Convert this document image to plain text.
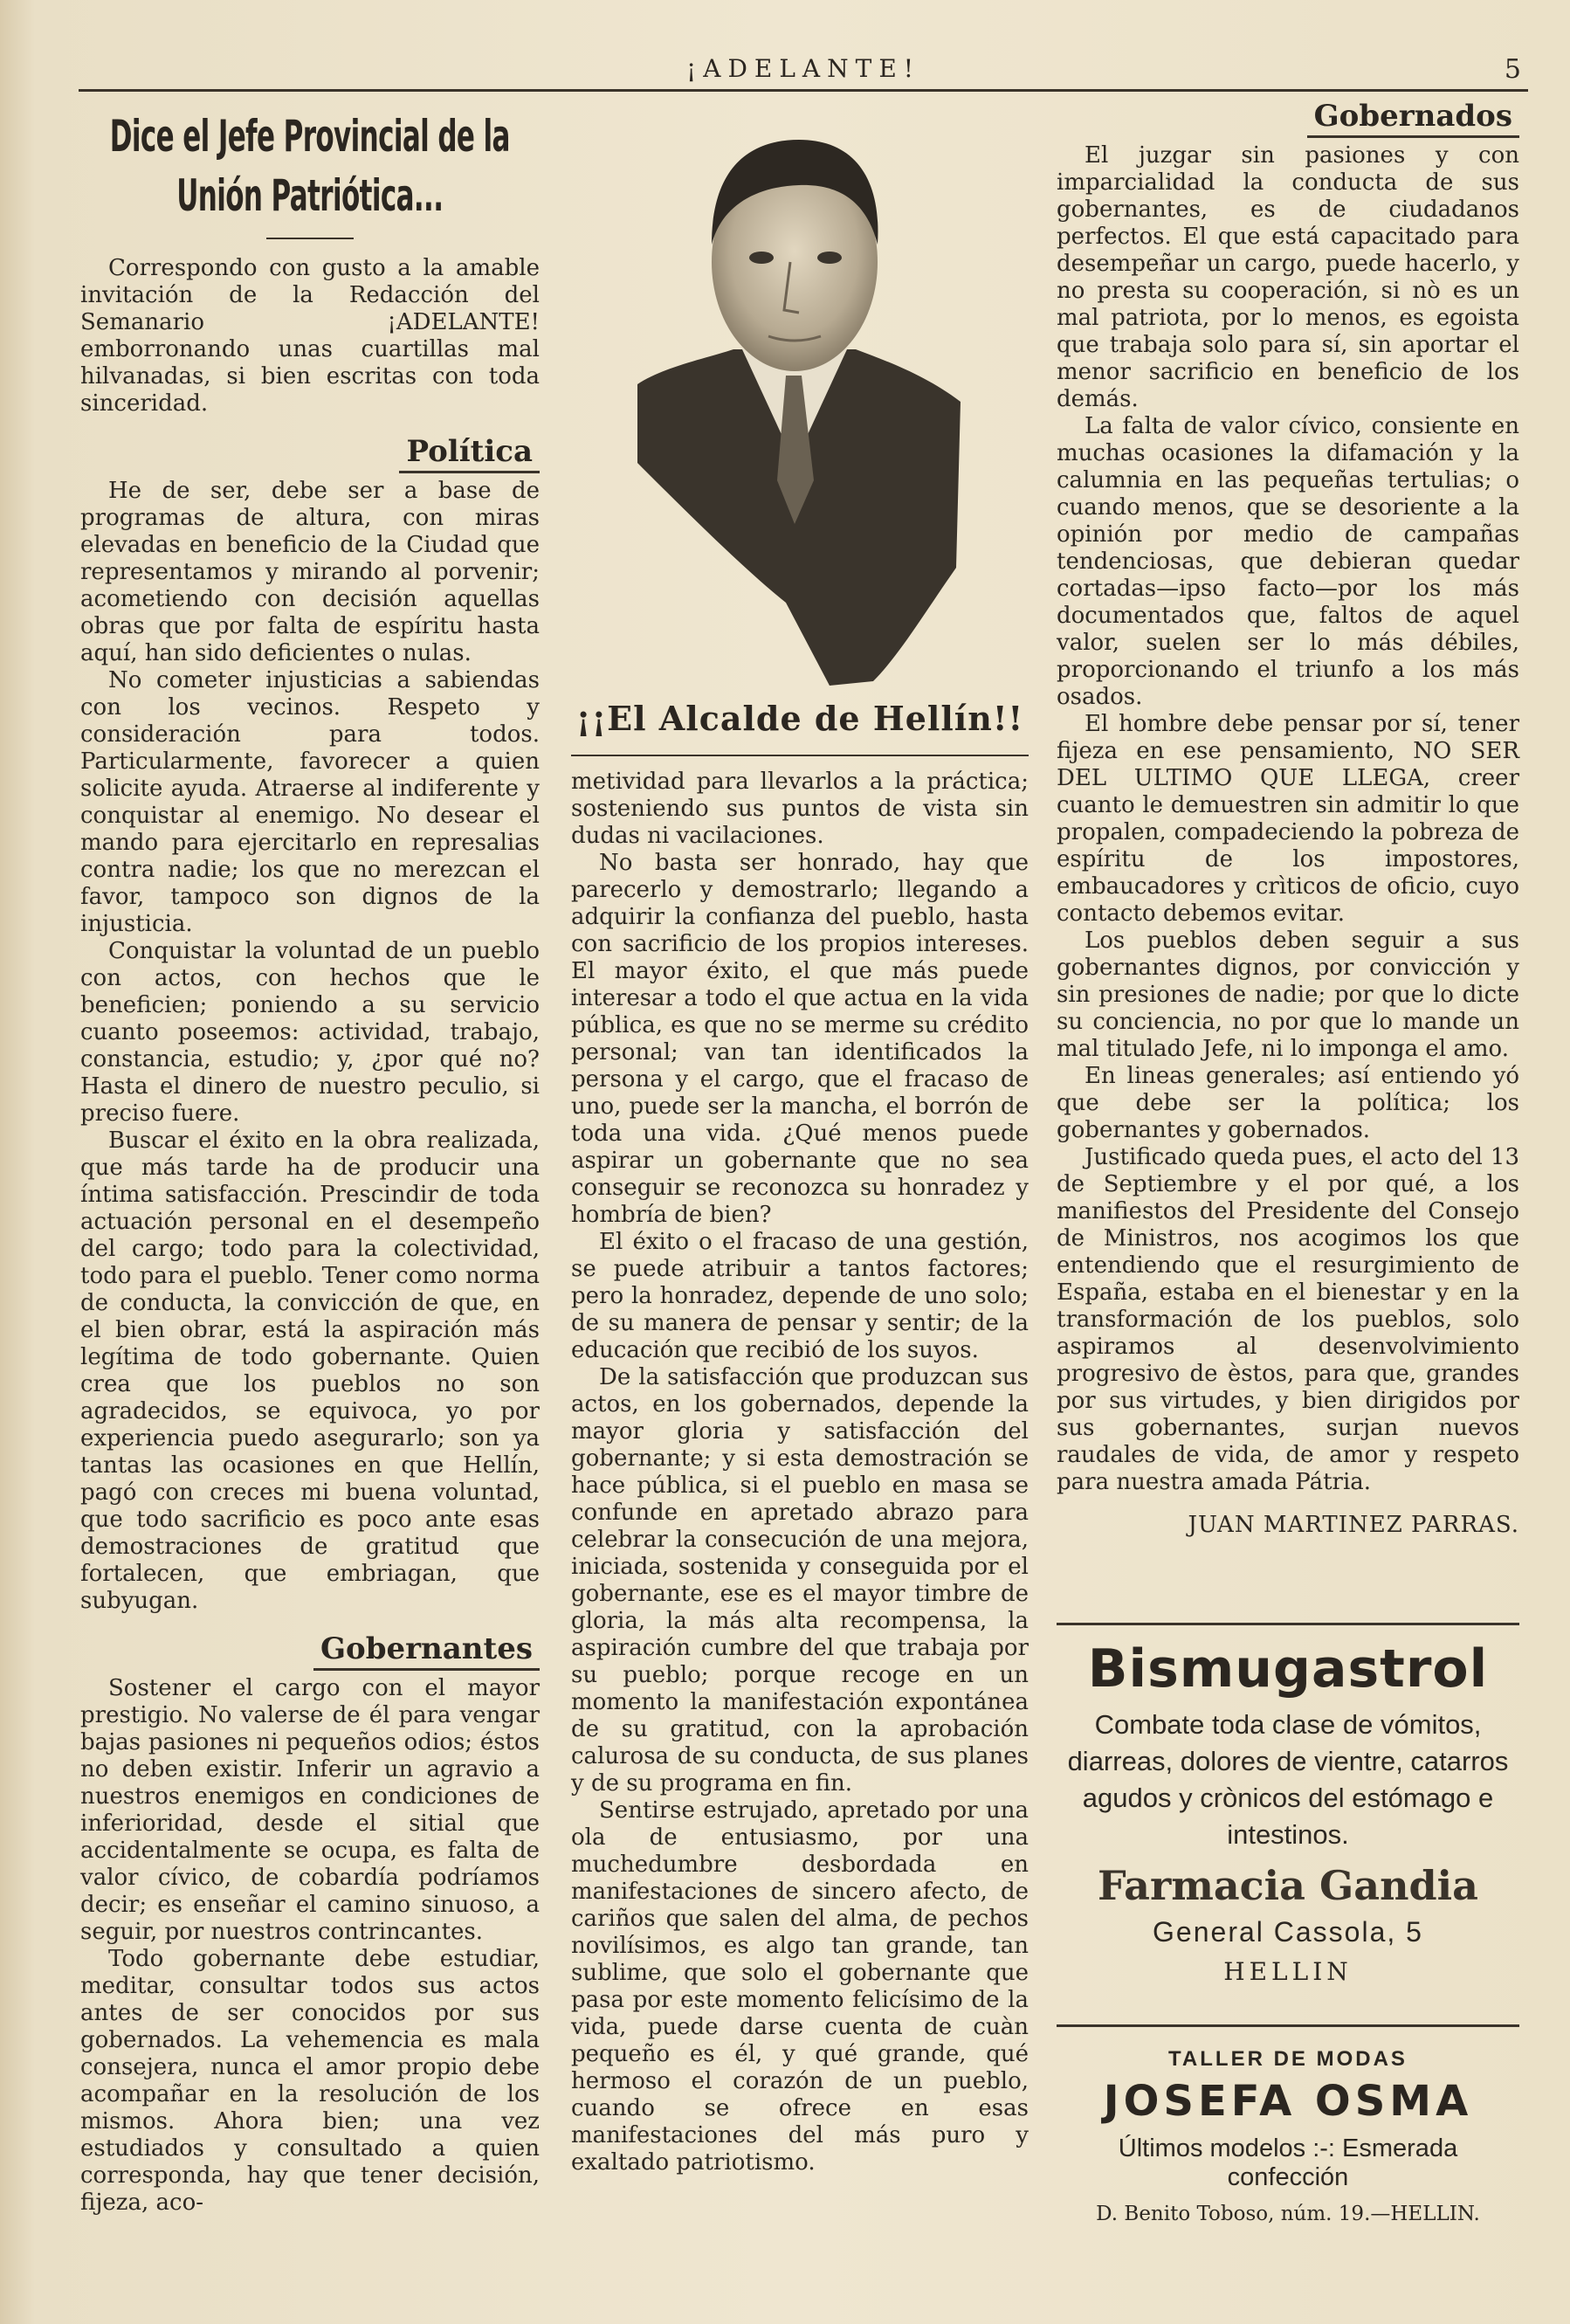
¡ADELANTE!	5
Dice el Jefe Provincial de la Unión Patriótica...

Correspondo con gusto a la amable invitación de la Redacción del Semanario ¡ADELANTE! emborronando unas cuartillas mal hilvanadas, si bien escritas con toda sinceridad.

Política

He de ser, debe ser a base de programas de altura, con miras elevadas en beneficio de la Ciudad que representamos y mirando al porvenir; acometiendo con decisión aquellas obras que por falta de espíritu hasta aquí, han sido deficientes o nulas.

No cometer injusticias a sabiendas con los vecinos. Respeto y consideración para todos. Particularmente, favorecer a quien solicite ayuda. Atraerse al indiferente y conquistar al enemigo. No desear el mando para ejercitarlo en represalias contra nadie; los que no merezcan el favor, tampoco son dignos de la injusticia.

Conquistar la voluntad de un pueblo con actos, con hechos que le beneficien; poniendo a su servicio cuanto poseemos: actividad, trabajo, constancia, estudio; y, ¿por qué no? Hasta el dinero de nuestro peculio, si preciso fuere.

Buscar el éxito en la obra realizada, que más tarde ha de producir una íntima satisfacción. Prescindir de toda actuación personal en el desempeño del cargo; todo para la colectividad, todo para el pueblo. Tener como norma de conducta, la convicción de que, en el bien obrar, está la aspiración más legítima de todo gobernante. Quien crea que los pueblos no son agradecidos, se equivoca, yo por experiencia puedo asegurarlo; son ya tantas las ocasiones en que Hellín, pagó con creces mi buena voluntad, que todo sacrificio es poco ante esas demostraciones de gratitud que fortalecen, que embriagan, que subyugan.

Gobernantes

Sostener el cargo con el mayor prestigio. No valerse de él para vengar bajas pasiones ni pequeños odios; éstos no deben existir. Inferir un agravio a nuestros enemigos en condiciones de inferioridad, desde el sitial que accidentalmente se ocupa, es falta de valor cívico, de cobardía podríamos decir; es enseñar el camino sinuoso, a seguir, por nuestros contrincantes.

Todo gobernante debe estudiar, meditar, consultar todos sus actos antes de ser conocidos por sus gobernados. La vehemencia es mala consejera, nunca el amor propio debe acompañar en la resolución de los mismos. Ahora bien; una vez estudiados y consultado a quien corresponda, hay que tener decisión, fijeza, aco-

¡¡El Alcalde de Hellín!!

metividad para llevarlos a la práctica; sosteniendo sus puntos de vista sin dudas ni vacilaciones.

No basta ser honrado, hay que parecerlo y demostrarlo; llegando a adquirir la confianza del pueblo, hasta con sacrificio de los propios intereses. El mayor éxito, el que más puede interesar a todo el que actua en la vida pública, es que no se merme su crédito personal; van tan identificados la persona y el cargo, que el fracaso de uno, puede ser la mancha, el borrón de toda una vida. ¿Qué menos puede aspirar un gobernante que no sea conseguir se reconozca su honradez y hombría de bien?

El éxito o el fracaso de una gestión, se puede atribuir a tantos factores; pero la honradez, depende de uno solo; de su manera de pensar y sentir; de la educación que recibió de los suyos.

De la satisfacción que produzcan sus actos, en los gobernados, depende la mayor gloria y satisfacción del gobernante; y si esta demostración se hace pública, si el pueblo en masa se confunde en apretado abrazo para celebrar la consecución de una mejora, iniciada, sostenida y conseguida por el gobernante, ese es el mayor timbre de gloria, la más alta recompensa, la aspiración cumbre del que trabaja por su pueblo; porque recoge en un momento la manifestación expontánea de su gratitud, con la aprobación calurosa de su conducta, de sus planes y de su programa en fin.

Sentirse estrujado, apretado por una ola de entusiasmo, por una muchedumbre desbordada en manifestaciones de sincero afecto, de cariños que salen del alma, de pechos novilísimos, es algo tan grande, tan sublime, que solo el gobernante que pasa por este momento felicísimo de la vida, puede darse cuenta de cuàn pequeño es él, y qué grande, qué hermoso el corazón de un pueblo, cuando se ofrece en esas manifestaciones del más puro y exaltado patriotismo.

Gobernados

El juzgar sin pasiones y con imparcialidad la conducta de sus gobernantes, es de ciudadanos perfectos. El que está capacitado para desempeñar un cargo, puede hacerlo, y no presta su cooperación, si nò es un mal patriota, por lo menos, es egoista que trabaja solo para sí, sin aportar el menor sacrificio en beneficio de los demás.

La falta de valor cívico, consiente en muchas ocasiones la difamación y la calumnia en las pequeñas tertulias; o cuando menos, que se desoriente a la opinión por medio de campañas tendenciosas, que debieran quedar cortadas—ipso facto—por los más documentados que, faltos de aquel valor, suelen ser lo más débiles, proporcionando el triunfo a los más osados.

El hombre debe pensar por sí, tener fijeza en ese pensamiento, NO SER DEL ULTIMO QUE LLEGA, creer cuanto le demuestren sin admitir lo que propalen, compadeciendo la pobreza de espíritu de los impostores, embaucadores y crìticos de oficio, cuyo contacto debemos evitar.

Los pueblos deben seguir a sus gobernantes dignos, por convicción y sin presiones de nadie; por que lo dicte su conciencia, no por que lo mande un mal titulado Jefe, ni lo imponga el amo.

En lineas generales; así entiendo yó que debe ser la política; los gobernantes y gobernados.

Justificado queda pues, el acto del 13 de Septiembre y el por qué, a los manifiestos del Presidente del Consejo de Ministros, nos acogimos los que entendiendo que el resurgimiento de España, estaba en el bienestar y en la transformación de los pueblos, solo aspiramos al desenvolvimiento progresivo de èstos, para que, grandes por sus virtudes, y bien dirigidos por sus gobernantes, surjan nuevos raudales de vida, de amor y respeto para nuestra amada Pátria.

JUAN MARTINEZ PARRAS.
Bismugastrol
Combate toda clase de vómitos, diarreas, dolores de vientre, catarros agudos y crònicos del estómago e intestinos.
Farmacia Gandia
General Cassola, 5
HELLIN
TALLER DE MODAS
JOSEFA OSMA
Últimos modelos :-: Esmerada confección
D. Benito Toboso, núm. 19.—HELLIN.
